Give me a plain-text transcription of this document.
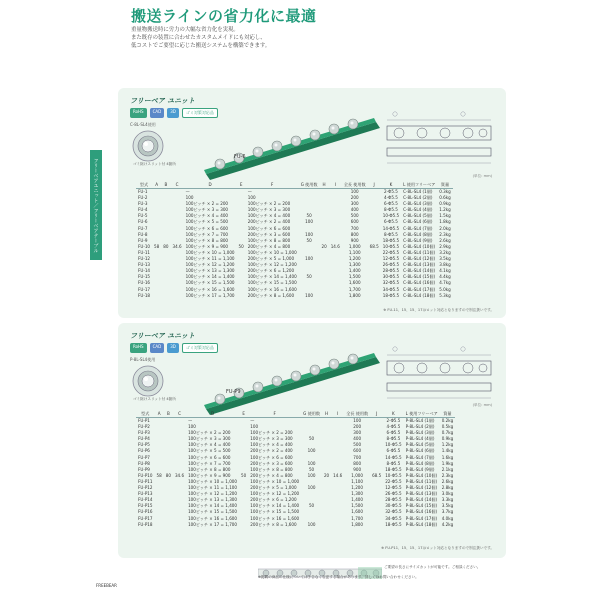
搬送ラインの省力化に最適
重量物搬送時に労力の大幅な省力化を実現。
また既存の装置に合わせたカスタムメイドにも対応し、
低コストでご要望に応じた搬送システムを構築できます。
フリーベアユニット／フリーベアテーブル
フリーベア ユニット
RoHS	CAD	3D	ゴミ対策対応品
C-8L-SL4使用
ゴミ除けスリット付 4箇所
FU-6
(単位: mm)
型式	A	B	C	D	E	F	G 使用数	H	I	全長 使用数	J	K	L 使用フリーベア	質量
FU-1				—		—				100		2-Φ5.5	C-8L-SL4 (1個)	0.3kg
FU-2				100		100				200		4-Φ5.5	C-8L-SL4 (2個)	0.6kg
FU-3				100ピッチ × 2 = 200		100ピッチ × 2 = 200				300		6-Φ5.5	C-8L-SL4 (3個)	0.9kg
FU-4				100ピッチ × 3 = 300		100ピッチ × 3 = 300				400		8-Φ5.5	C-8L-SL4 (4個)	1.2kg
FU-5				100ピッチ × 4 = 400		100ピッチ × 4 = 400	50			500		10-Φ5.5	C-8L-SL4 (5個)	1.5kg
FU-6				100ピッチ × 5 = 500		200ピッチ × 2 = 400	100			600		6-Φ5.5	C-8L-SL4 (6個)	1.8kg
FU-7				100ピッチ × 6 = 600		100ピッチ × 6 = 600				700		14-Φ5.5	C-8L-SL4 (7個)	2.0kg
FU-8				100ピッチ × 7 = 700		200ピッチ × 3 = 600	100			800		8-Φ5.5	C-8L-SL4 (8個)	2.3kg
FU-9				100ピッチ × 8 = 800		100ピッチ × 8 = 800	50			900		18-Φ5.5	C-8L-SL4 (9個)	2.6kg
FU-10	58	80	34.6	100ピッチ × 9 = 900	50	200ピッチ × 4 = 800		20	14.6	1,000	68.5	10-Φ5.5	C-8L-SL4 (10個)	2.9kg
FU-11				100ピッチ × 10 = 1,000		100ピッチ × 10 = 1,000				1,100		22-Φ5.5	C-8L-SL4 (11個)	3.2kg
FU-12				100ピッチ × 11 = 1,100		200ピッチ × 5 = 1,000	100			1,200		12-Φ5.5	C-8L-SL4 (12個)	3.5kg
FU-13				100ピッチ × 12 = 1,200		100ピッチ × 12 = 1,200				1,300		26-Φ5.5	C-8L-SL4 (13個)	3.8kg
FU-14				100ピッチ × 13 = 1,300		200ピッチ × 6 = 1,200				1,400		28-Φ5.5	C-8L-SL4 (14個)	4.1kg
FU-15				100ピッチ × 14 = 1,400		100ピッチ × 14 = 1,400	50			1,500		30-Φ5.5	C-8L-SL4 (15個)	4.4kg
FU-16				100ピッチ × 15 = 1,500		100ピッチ × 15 = 1,500				1,600		32-Φ5.5	C-8L-SL4 (16個)	4.7kg
FU-17				100ピッチ × 16 = 1,600		100ピッチ × 16 = 1,600				1,700		34-Φ5.5	C-8L-SL4 (17個)	5.0kg
FU-18				100ピッチ × 17 = 1,700		200ピッチ × 8 = 1,600	100			1,800		18-Φ5.5	C-8L-SL4 (18個)	5.3kg
※ FU-11、15、15、17はロット対応となりますので別注扱いです。
フリーベア ユニット
RoHS	CAD	3D	ゴミ対策対応品
P-8L-SL4使用
ゴミ除けスリット付 4箇所
FU-P9
(単位: mm)
型式	A	B	C	D	E	F	G 使用数	H	I	全長 使用数	J	K	L 使用フリーベア	質量
FU-P1				—		—				100		2-Φ5.5	P-8L-SL4 (1個)	0.2kg
FU-P2				100		100				200		4-Φ5.5	P-8L-SL4 (2個)	0.5kg
FU-P3				100ピッチ × 2 = 200		100ピッチ × 2 = 200				300		6-Φ5.5	P-8L-SL4 (3個)	0.7kg
FU-P4				100ピッチ × 3 = 300		100ピッチ × 3 = 300	50			400		8-Φ5.5	P-8L-SL4 (4個)	0.9kg
FU-P5				100ピッチ × 4 = 400		100ピッチ × 4 = 400				500		10-Φ5.5	P-8L-SL4 (5個)	1.2kg
FU-P6				100ピッチ × 5 = 500		200ピッチ × 2 = 400	100			600		6-Φ5.5	P-8L-SL4 (6個)	1.4kg
FU-P7				100ピッチ × 6 = 600		100ピッチ × 6 = 600				700		14-Φ5.5	P-8L-SL4 (7個)	1.6kg
FU-P8				100ピッチ × 7 = 700		200ピッチ × 3 = 600	100			800		8-Φ5.5	P-8L-SL4 (8個)	1.9kg
FU-P9				100ピッチ × 8 = 800		100ピッチ × 8 = 800	50			900		18-Φ5.5	P-8L-SL4 (9個)	2.1kg
FU-P10	58	80	34.6	100ピッチ × 9 = 900	50	200ピッチ × 4 = 800	100	20	14.6	1,000	68.5	10-Φ5.5	P-8L-SL4 (10個)	2.3kg
FU-P11				100ピッチ × 10 = 1,000		100ピッチ × 10 = 1,000				1,100		22-Φ5.5	P-8L-SL4 (11個)	2.6kg
FU-P12				100ピッチ × 11 = 1,100		200ピッチ × 5 = 1,000	100			1,200		12-Φ5.5	P-8L-SL4 (12個)	2.8kg
FU-P13				100ピッチ × 12 = 1,200		100ピッチ × 12 = 1,200				1,300		26-Φ5.5	P-8L-SL4 (13個)	3.0kg
FU-P14				100ピッチ × 13 = 1,300		200ピッチ × 6 = 1,200				1,400		28-Φ5.5	P-8L-SL4 (14個)	3.3kg
FU-P15				100ピッチ × 14 = 1,400		100ピッチ × 14 = 1,400	50			1,500		30-Φ5.5	P-8L-SL4 (15個)	3.5kg
FU-P16				100ピッチ × 15 = 1,500		100ピッチ × 15 = 1,500				1,600		32-Φ5.5	P-8L-SL4 (16個)	3.7kg
FU-P17				100ピッチ × 16 = 1,600		100ピッチ × 16 = 1,600				1,700		34-Φ5.5	P-8L-SL4 (17個)	4.0kg
FU-P18				100ピッチ × 17 = 1,700		200ピッチ × 8 = 1,600	100			1,800		18-Φ5.5	P-8L-SL4 (18個)	4.2kg
※ FU-P11、15、15、17はロット対応となりますので別注扱いです。
ご要望の長さにサイズカットが可能です。ご相談ください。
※掲載の商品の仕様については予告なく変更する場合があります。詳しくはお問い合わせください。
FREEBEAR
